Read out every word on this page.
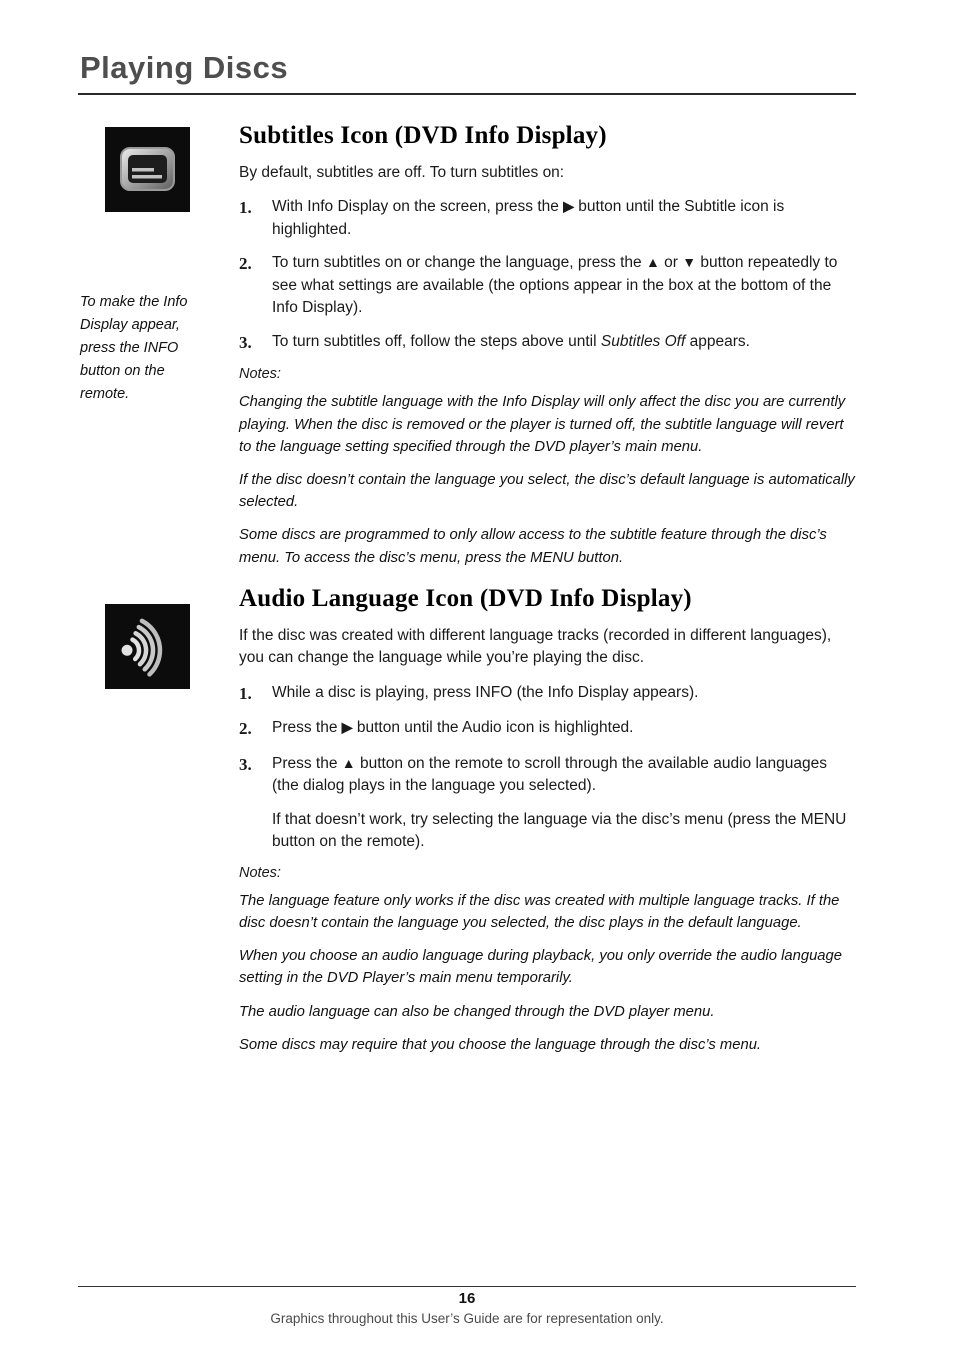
Playing Discs
To make the Info Display appear, press the INFO button on the remote.
Subtitles Icon (DVD Info Display)

By default, subtitles are off. To turn subtitles on:

1.	With Info Display on the screen, press the ▶ button until the Subtitle icon is highlighted.

2.	To turn subtitles on or change the language, press the ▲ or ▼ button repeatedly to see what settings are available (the options appear in the box at the bottom of the Info Display).

3.	To turn subtitles off, follow the steps above until Subtitles Off appears.

Notes:

Changing the subtitle language with the Info Display will only affect the disc you are currently playing. When the disc is removed or the player is turned off, the subtitle language will revert to the language setting specified through the DVD player’s main menu.

If the disc doesn’t contain the language you select, the disc’s default language is automatically selected.

Some discs are programmed to only allow access to the subtitle feature through the disc’s menu. To access the disc’s menu, press the MENU button.

Audio Language Icon (DVD Info Display)

If the disc was created with different language tracks (recorded in different languages), you can change the language while you’re playing the disc.

1.	While a disc is playing, press INFO (the Info Display appears).

2.	Press the ▶ button until the Audio icon is highlighted.

3.	Press the ▲ button on the remote to scroll through the available audio languages (the dialog plays in the language you selected).

If that doesn’t work, try selecting the language via the disc’s menu (press the MENU button on the remote).

Notes:

The language feature only works if the disc was created with multiple language tracks. If the disc doesn’t contain the language you selected, the disc plays in the default language.

When you choose an audio language during playback, you only override the audio language setting in the DVD Player’s main menu temporarily.

The audio language can also be changed through the DVD player menu.

Some discs may require that you choose the language through the disc’s menu.

16
Graphics throughout this User’s Guide are for representation only.
